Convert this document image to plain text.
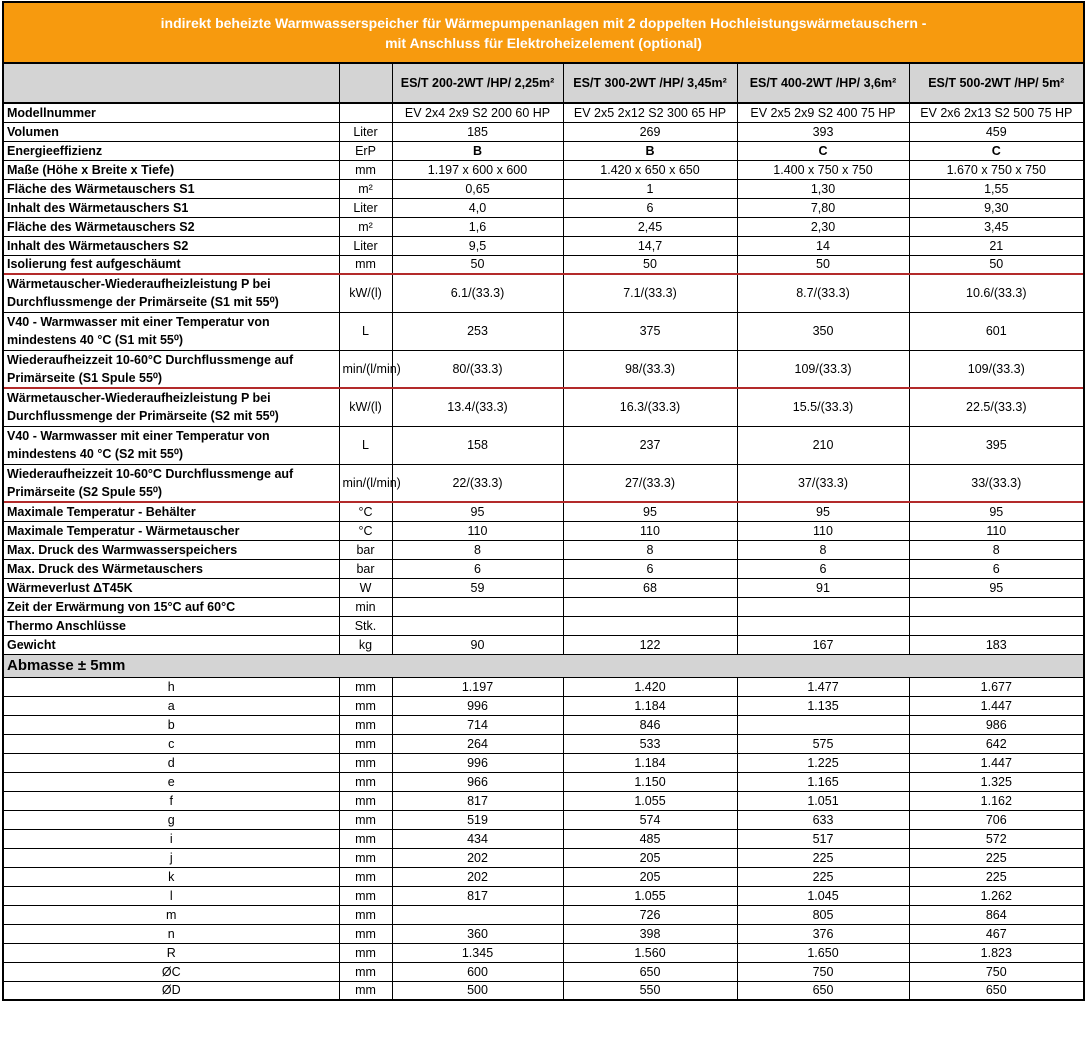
indirekt beheizte Warmwasserspeicher für Wärmepumpenanlagen mit 2 doppelten Hochleistungswärmetauschern -
mit Anschluss für Elektroheizelement (optional)					

		ES/T 200-2WT /HP/ 2,25m²	ES/T 300-2WT /HP/ 3,45m²	ES/T 400-2WT /HP/ 3,6m²	ES/T 500-2WT /HP/ 5m²
Modellnummer		EV 2x4 2x9 S2 200 60 HP	EV 2x5 2x12 S2 300 65 HP	EV 2x5 2x9 S2 400 75 HP	EV 2x6 2x13 S2 500 75 HP
Volumen	Liter	185	269	393	459
Energieeffizienz	ErP	B	B	C	C
Maße (Höhe x Breite x Tiefe)	mm	1.197 x 600 x 600	1.420 x 650 x 650	1.400 x 750 x 750	1.670 x 750 x 750
Fläche des Wärmetauschers S1	m²	0,65	1	1,30	1,55
Inhalt des Wärmetauschers S1	Liter	4,0	6	7,80	9,30
Fläche des Wärmetauschers S2	m²	1,6	2,45	2,30	3,45
Inhalt des Wärmetauschers S2	Liter	9,5	14,7	14	21
Isolierung fest aufgeschäumt	mm	50	50	50	50
Wärmetauscher-Wiederaufheizleistung P bei Durchflussmenge der Primärseite (S1 mit 55⁰)	kW/(l)	6.1/(33.3)	7.1/(33.3)	8.7/(33.3)	10.6/(33.3)
V40 - Warmwasser mit einer Temperatur von mindestens 40 °C (S1 mit 55⁰)	L	253	375	350	601
Wiederaufheizzeit 10-60°C Durchflussmenge auf Primärseite (S1 Spule 55⁰)	min/(l/min)	80/(33.3)	98/(33.3)	109/(33.3)	109/(33.3)
Wärmetauscher-Wiederaufheizleistung P bei Durchflussmenge der Primärseite (S2 mit 55⁰)	kW/(l)	13.4/(33.3)	16.3/(33.3)	15.5/(33.3)	22.5/(33.3)
V40 - Warmwasser mit einer Temperatur von mindestens 40 °C (S2 mit 55⁰)	L	158	237	210	395
Wiederaufheizzeit 10-60°C Durchflussmenge auf Primärseite (S2 Spule 55⁰)	min/(l/min)	22/(33.3)	27/(33.3)	37/(33.3)	33/(33.3)
Maximale Temperatur - Behälter	°C	95	95	95	95
Maximale Temperatur - Wärmetauscher	°C	110	110	110	110
Max. Druck des Warmwasserspeichers	bar	8	8	8	8
Max. Druck des Wärmetauschers	bar	6	6	6	6
Wärmeverlust ΔT45K	W	59	68	91	95
Zeit der Erwärmung von 15°C auf 60°C	min				
Thermo Anschlüsse	Stk.				
Gewicht	kg	90	122	167	183
Abmasse ± 5mm					
h	mm	1.197	1.420	1.477	1.677
a	mm	996	1.184	1.135	1.447
b	mm	714	846		986
c	mm	264	533	575	642
d	mm	996	1.184	1.225	1.447
e	mm	966	1.150	1.165	1.325
f	mm	817	1.055	1.051	1.162
g	mm	519	574	633	706
i	mm	434	485	517	572
j	mm	202	205	225	225
k	mm	202	205	225	225
l	mm	817	1.055	1.045	1.262
m	mm		726	805	864
n	mm	360	398	376	467
R	mm	1.345	1.560	1.650	1.823
ØC	mm	600	650	750	750
ØD	mm	500	550	650	650
